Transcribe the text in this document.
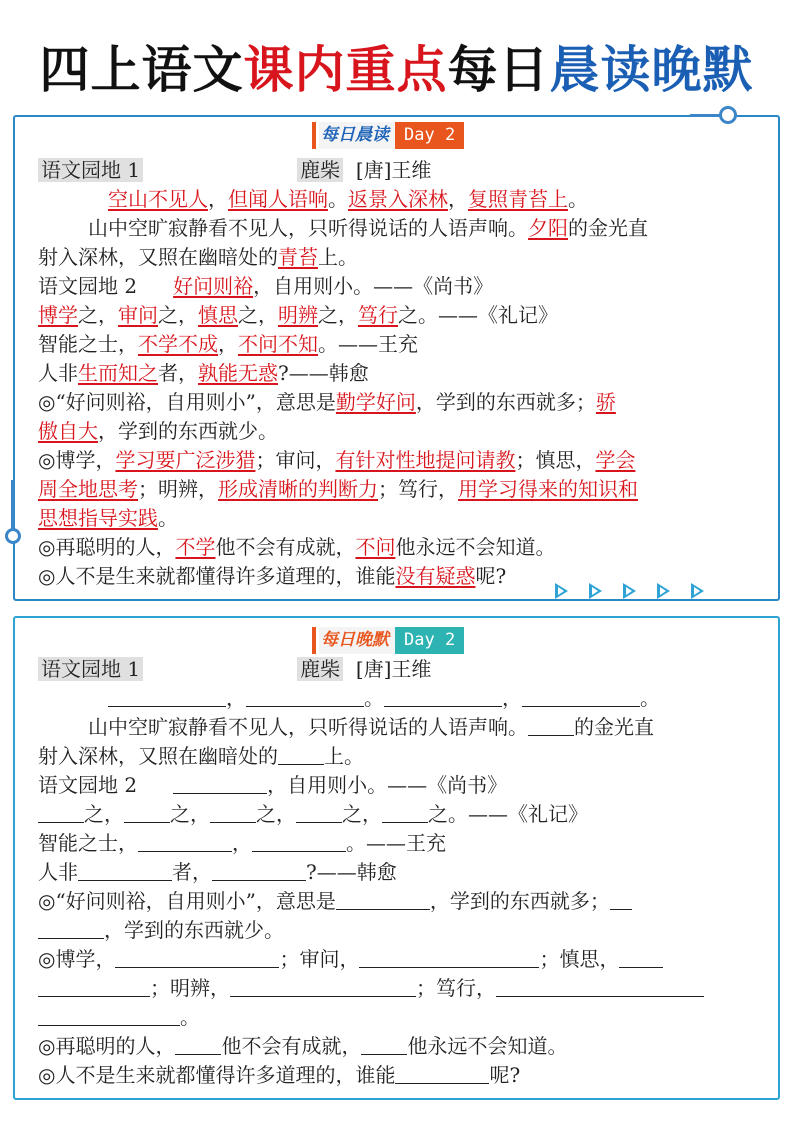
四上语文课内重点每日晨读晚默
每日晨读 Day 2

语文园地 1	鹿柴 [唐]王维

空山不见人，但闻人语响。返景入深林，复照青苔上。

山中空旷寂静看不见人，只听得说话的人语声响。夕阳的金光直

射入深林，又照在幽暗处的青苔上。

语文园地 2 好问则裕，自用则小。——《尚书》

博学之，审问之，慎思之，明辨之，笃行之。——《礼记》

智能之士，不学不成，不问不知。——王充

人非生而知之者，孰能无惑?——韩愈

◎“好问则裕，自用则小”，意思是勤学好问，学到的东西就多；骄

傲自大，学到的东西就少。

◎博学，学习要广泛涉猎；审问，有针对性地提问请教；慎思，学会

周全地思考；明辨，形成清晰的判断力；笃行，用学习得来的知识和

思想指导实践。

◎再聪明的人，不学他不会有成就，不问他永远不会知道。

◎人不是生来就都懂得许多道理的，谁能没有疑惑呢?

每日晚默 Day 2

语文园地 1	鹿柴 [唐]王维

，	。	，	。

山中空旷寂静看不见人，只听得说话的人语声响。 的金光直

射入深林，又照在幽暗处的 上。

语文园地 2	，自用则小。——《尚书》

之， 之， 之， 之， 之。——《礼记》

智能之士，	，	。——王充

人非	者，	?——韩愈

◎“好问则裕，自用则小”，意思是	，学到的东西就多；

，学到的东西就少。

◎博学，	；审问，	；慎思，

；明辨，	；笃行，

。

◎再聪明的人， 他不会有成就， 他永远不会知道。

◎人不是生来就都懂得许多道理的，谁能	呢?
